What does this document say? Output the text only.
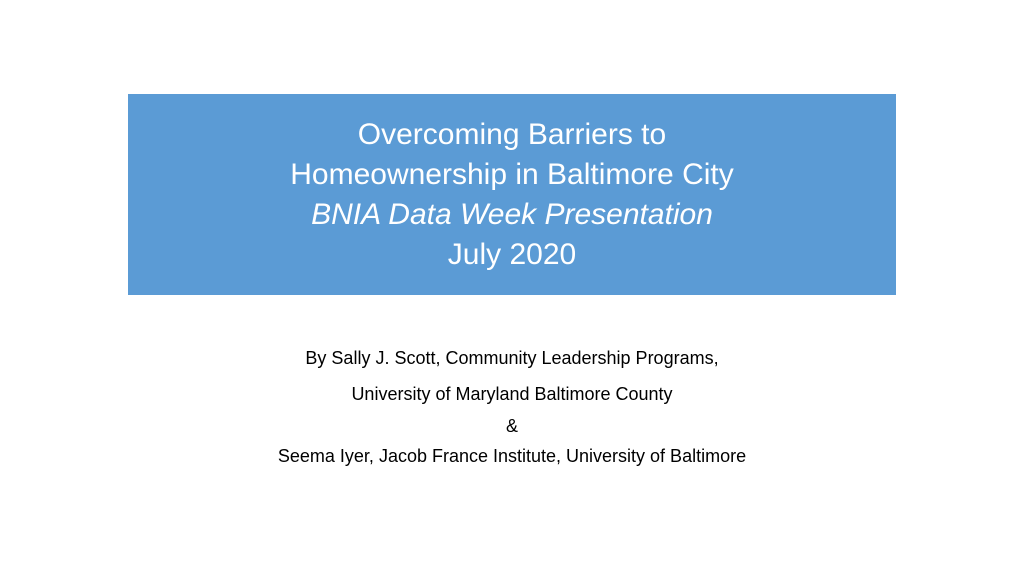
Overcoming Barriers to
Homeownership in Baltimore City
BNIA Data Week Presentation
July 2020
By Sally J. Scott, Community Leadership Programs,
University of Maryland Baltimore County
&
Seema Iyer, Jacob France Institute, University of Baltimore
